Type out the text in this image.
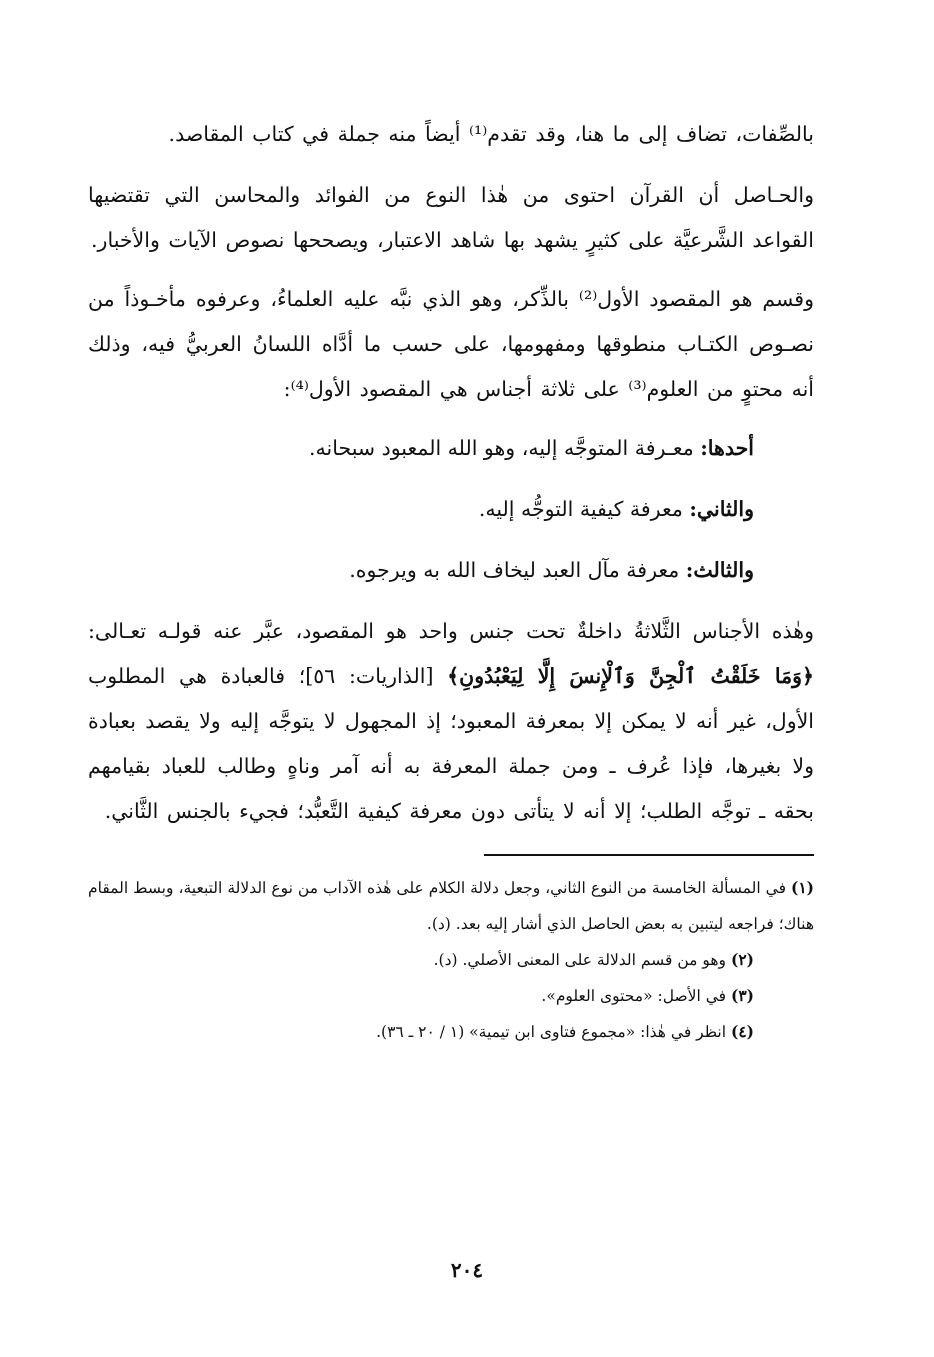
بالصِّفات، تضاف إلى ما هنا، وقد تقدم⁽¹⁾ أيضاً منه جملة في كتاب المقاصد.

والحـاصل أن القرآن احتوى من هٰذا النوع من الفوائد والمحاسن التي تقتضيها القواعد الشَّرعيَّة على كثيرٍ يشهد بها شاهد الاعتبار، ويصححها نصوص الآيات والأخبار.

وقسم هو المقصود الأول⁽²⁾ بالذِّكر، وهو الذي نبَّه عليه العلماءُ، وعرفوه مأخـوذاً من نصـوص الكتـاب منطوقها ومفهومها، على حسب ما أدَّاه اللسانُ العربيُّ فيه، وذلك أنه محتوٍ من العلوم⁽³⁾ على ثلاثة أجناس هي المقصود الأول⁽⁴⁾:

أحدها: معـرفة المتوجَّه إليه، وهو الله المعبود سبحانه.

والثاني: معرفة كيفية التوجُّه إليه.

والثالث: معرفة مآل العبد ليخاف الله به ويرجوه.

وهٰذه الأجناس الثَّلاثةُ داخلةٌ تحت جنس واحد هو المقصود، عبَّر عنه قولـه تعـالى: ﴿وَمَا خَلَقْتُ ٱلْجِنَّ وَٱلْإِنسَ إِلَّا لِيَعْبُدُونِ﴾ [الذاريات: ٥٦]؛ فالعبادة هي المطلوب الأول، غير أنه لا يمكن إلا بمعرفة المعبود؛ إذ المجهول لا يتوجَّه إليه ولا يقصد بعبادة ولا بغيرها، فإذا عُرف ـ ومن جملة المعرفة به أنه آمر وناهٍ وطالب للعباد بقيامهم بحقه ـ توجَّه الطلب؛ إلا أنه لا يتأتى دون معرفة كيفية التَّعبُّد؛ فجيء بالجنس الثَّاني.

(١) في المسألة الخامسة من النوع الثاني، وجعل دلالة الكلام على هٰذه الآداب من نوع الدلالة التبعية، وبسط المقام هناك؛ فراجعه ليتبين به بعض الحاصل الذي أشار إليه بعد. (د).

(٢) وهو من قسم الدلالة على المعنى الأصلي. (د).

(٣) في الأصل: «محتوى العلوم».

(٤) انظر في هٰذا: «مجموع فتاوى ابن تيمية» (١ / ٢٠ ـ ٣٦).

٢٠٤
